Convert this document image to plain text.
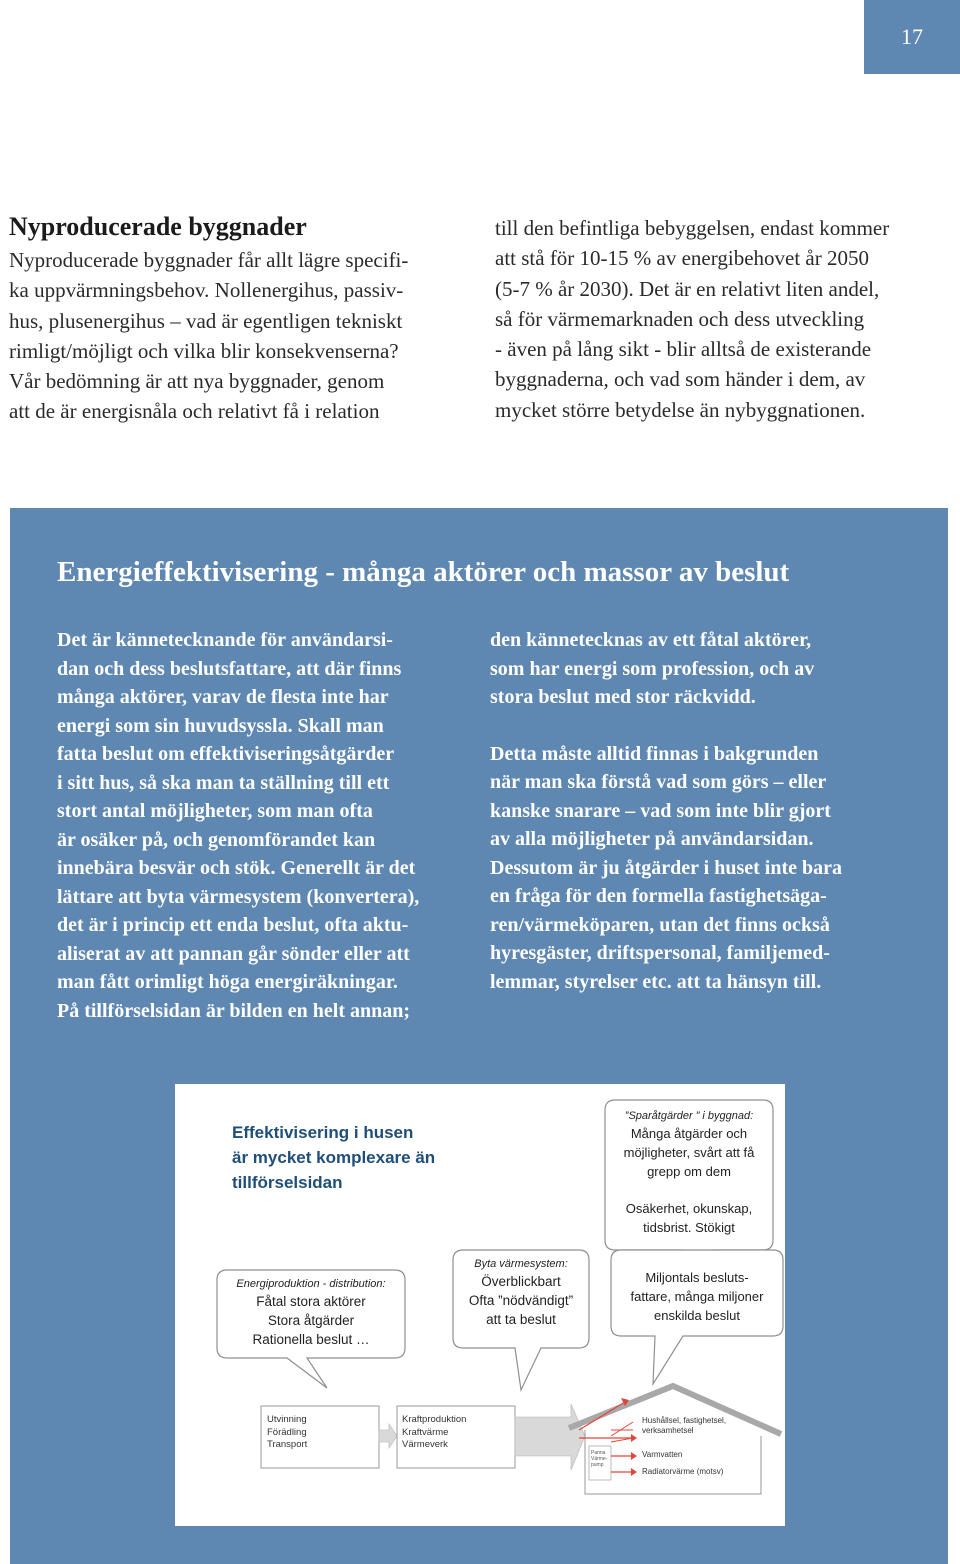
17
Nyproducerade byggnader
Nyproducerade byggnader får allt lägre specifi-
ka uppvärmningsbehov. Nollenergihus, passiv-
hus, plusenergihus – vad är egentligen tekniskt
rimligt/möjligt och vilka blir konsekvenserna?
Vår bedömning är att nya byggnader, genom
att de är energisnåla och relativt få i relation
till den befintliga bebyggelsen, endast kommer
att stå för 10-15 % av energibehovet år 2050
(5-7 % år 2030). Det är en relativt liten andel,
så för värmemarknaden och dess utveckling
- även på lång sikt - blir alltså de existerande
byggnaderna, och vad som händer i dem, av
mycket större betydelse än nybyggnationen.
Energieffektivisering - många aktörer och massor av beslut
Det är kännetecknande för användarsi-
dan och dess beslutsfattare, att där finns
många aktörer, varav de flesta inte har
energi som sin huvudsyssla. Skall man
fatta beslut om effektiviseringsåtgärder
i sitt hus, så ska man ta ställning till ett
stort antal möjligheter, som man ofta
är osäker på, och genomförandet kan
innebära besvär och stök. Generellt är det
lättare att byta värmesystem (konvertera),
det är i princip ett enda beslut, ofta aktu-
aliserat av att pannan går sönder eller att
man fått orimligt höga energiräkningar.
På tillförselsidan är bilden en helt annan;
den kännetecknas av ett fåtal aktörer,
som har energi som profession, och av
stora beslut med stor räckvidd.
Detta måste alltid finnas i bakgrunden
när man ska förstå vad som görs – eller
kanske snarare – vad som inte blir gjort
av alla möjligheter på användarsidan.
Dessutom är ju åtgärder i huset inte bara
en fråga för den formella fastighetsäga-
ren/värmeköparen, utan det finns också
hyresgäster, driftspersonal, familjemed-
lemmar, styrelser etc. att ta hänsyn till.
Effektivisering i husen
är mycket komplexare än
tillförselsidan
”Sparåtgärder ” i byggnad:
Många åtgärder och
möjligheter, svårt att få
grepp om dem
Osäkerhet, okunskap,
tidsbrist. Stökigt
Energiproduktion - distribution:
Fåtal stora aktörer
Stora åtgärder
Rationella beslut …
Byta värmesystem:
Överblickbart
Ofta ”nödvändigt”
att ta beslut
Miljontals besluts-
fattare, många miljoner
enskilda beslut
Utvinning
Förädling
Transport
Kraftproduktion
Kraftvärme
Värmeverk
Panna
Värme-
pump
Hushållsel, fastighetsel,
verksamhetsel
Varmvatten
Radiatorvärme (motsv)
